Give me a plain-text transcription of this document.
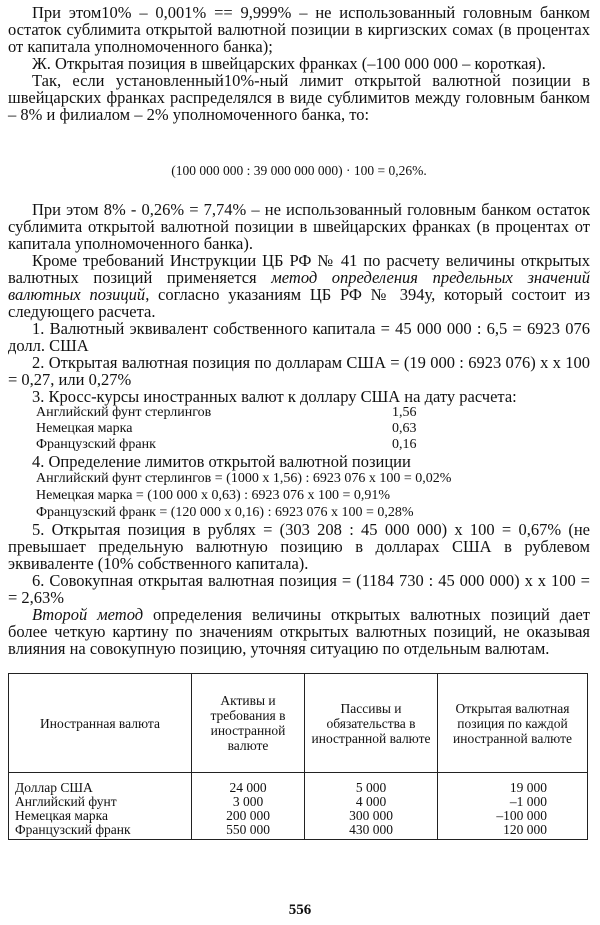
При этом10% – 0,001% == 9,999% – не использованный головным банком остаток сублимита открытой валютной позиции в киргизских сомах (в процентах от капитала уполномоченного банка);

Ж. Открытая позиция в швейцарских франках (–100 000 000 – короткая).

Так, если установленный10%-ный лимит открытой валютной позиции в швейцарских франках распределялся в виде сублимитов между головным банком – 8% и филиалом – 2% уполномоченного банка, то:

(100 000 000 : 39 000 000 000) · 100 = 0,26%.

При этом 8% - 0,26% = 7,74% – не использованный головным банком остаток сублимита открытой валютной позиции в швейцарских франках (в процентах от капитала уполномоченного банка).

Кроме требований Инструкции ЦБ РФ № 41 по расчету величины открытых валютных позиций применяется метод определения предельных значений валютных позиций, согласно указаниям ЦБ РФ № 394у, который состоит из следующего расчета.

1. Валютный эквивалент собственного капитала = 45 000 000 : 6,5 = 6923 076 долл. США

2. Открытая валютная позиция по долларам США = (19 000 : 6923 076) x x 100 = 0,27, или 0,27%

3. Кросс-курсы иностранных валют к доллару США на дату расчета:

Английский фунт стерлингов	1,56
Немецкая марка	0,63
Французский франк	0,16

4. Определение лимитов открытой валютной позиции

Английский фунт стерлингов = (1000 x 1,56) : 6923 076 x 100 = 0,02%
Немецкая марка = (100 000 x 0,63) : 6923 076 x 100 = 0,91%
Французский франк = (120 000 x 0,16) : 6923 076 x 100 = 0,28%

5. Открытая позиция в рублях = (303 208 : 45 000 000) x 100 = 0,67% (не превышает предельную валютную позицию в долларах США в рублевом эквиваленте (10% собственного капитала).

6. Совокупная открытая валютная позиция = (1184 730 : 45 000 000) x x 100 = = 2,63%

Второй метод определения величины открытых валютных позиций дает более четкую картину по значениям открытых валютных позиций, не оказывая влияния на совокупную позицию, уточняя ситуацию по отдельным валютам.

Иностранная валюта	Активы и требования в иностранной валюте	Пассивы и обязательства в иностранной валюте	Открытая валютная позиция по каждой иностранной валюте
Доллар США	24 000	5 000	19 000
Английский фунт	3 000	4 000	–1 000
Немецкая марка	200 000	300 000	–100 000
Французский франк	550 000	430 000	120 000
556
